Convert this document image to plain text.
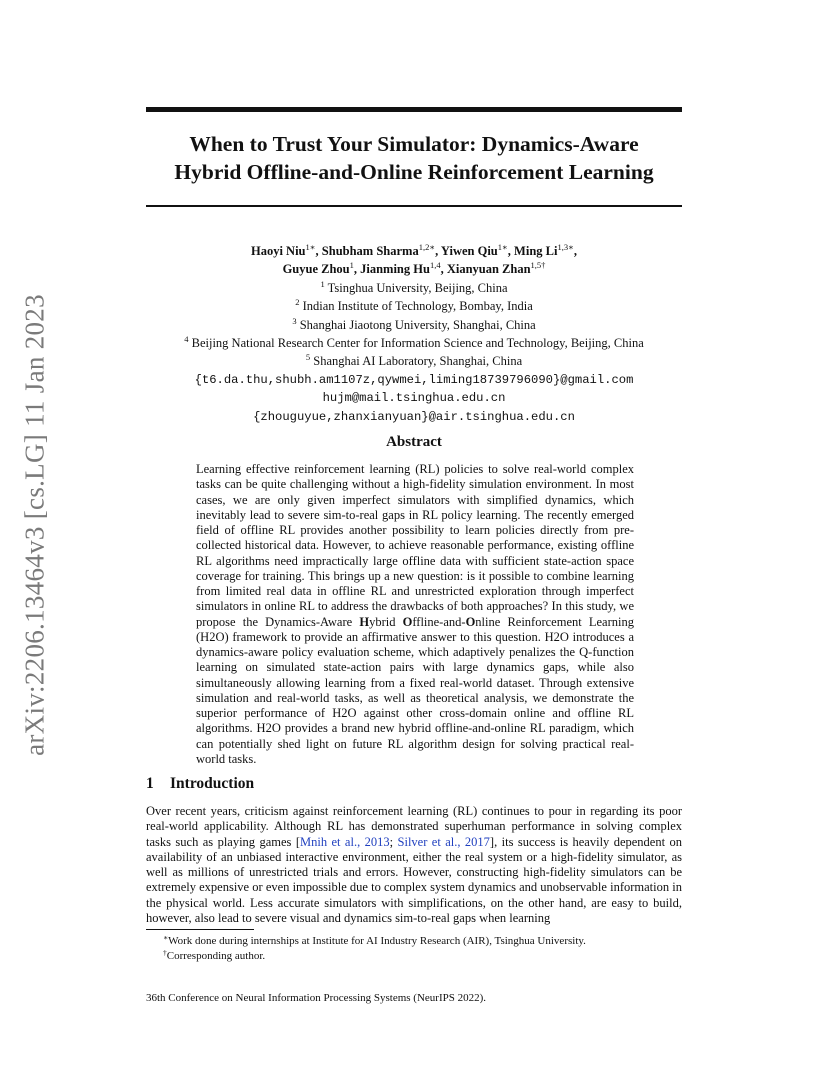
arXiv:2206.13464v3 [cs.LG] 11 Jan 2023
When to Trust Your Simulator: Dynamics-Aware
Hybrid Offline-and-Online Reinforcement Learning
Haoyi Niu$^{1∗}$, Shubham Sharma$^{1,2∗}$, Yiwen Qiu$^{1∗}$, Ming $Li^{1,3∗}$,
Guyue Zhou$^1$, Jianming Hu$^{1,4}$, Xianyuan Zhan$^{1,5\dagger}$
$^1$ Tsinghua University, Beijing, China
$^2$ Indian Institute of Technology, Bombay, India
$^3$ Shanghai Jiaotong University, Shanghai, China
$^4$ Beijing National Research Center for Information Science and Technology, Beijing, China
$^5$ Shanghai AI Laboratory, Shanghai, China
{t6.da.thu,shubh.am1107z,qywmei,liming18739796090}@gmail.com
hujm@mail.tsinghua.edu.cn
{zhouguyue,zhanxianyuan}@air.tsinghua.edu.cn
Abstract

Learning effective reinforcement learning (RL) policies to solve real-world complex tasks can be quite challenging without a high-fidelity simulation environment. In most cases, we are only given imperfect simulators with simplified dynamics, which inevitably lead to severe sim-to-real gaps in RL policy learning. The recently emerged field of offline RL provides another possibility to learn policies directly from pre-collected historical data. However, to achieve reasonable performance, existing offline RL algorithms need impractically large offline data with sufficient state-action space coverage for training. This brings up a new question: is it possible to combine learning from limited real data in offline RL and unrestricted exploration through imperfect simulators in online RL to address the drawbacks of both approaches? In this study, we propose the Dynamics-Aware Hybrid Offline-and-Online Reinforcement Learning (H2O) framework to provide an affirmative answer to this question. H2O introduces a dynamics-aware policy evaluation scheme, which adaptively penalizes the Q-function learning on simulated state-action pairs with large dynamics gaps, while also simultaneously allowing learning from a fixed real-world dataset. Through extensive simulation and real-world tasks, as well as theoretical analysis, we demonstrate the superior performance of H2O against other cross-domain online and offline RL algorithms. H2O provides a brand new hybrid offline-and-online RL paradigm, which can potentially shed light on future RL algorithm design for solving practical real-world tasks.

1 Introduction

Over recent years, criticism against reinforcement learning (RL) continues to pour in regarding its poor real-world applicability. Although RL has demonstrated superhuman performance in solving complex tasks such as playing games [Mnih et al., 2013; Silver et al., 2017], its success is heavily dependent on availability of an unbiased interactive environment, either the real system or a high-fidelity simulator, as well as millions of unrestricted trials and errors. However, constructing high-fidelity simulators can be extremely expensive or even impossible due to complex system dynamics and unobservable information in the physical world. Less accurate simulators with simplifications, on the other hand, are easy to build, however, also lead to severe visual and dynamics sim-to-real gaps when learning

∗Work done during internships at Institute for AI Industry Research (AIR), Tsinghua University.
†Corresponding author.
36th Conference on Neural Information Processing Systems (NeurIPS 2022).
